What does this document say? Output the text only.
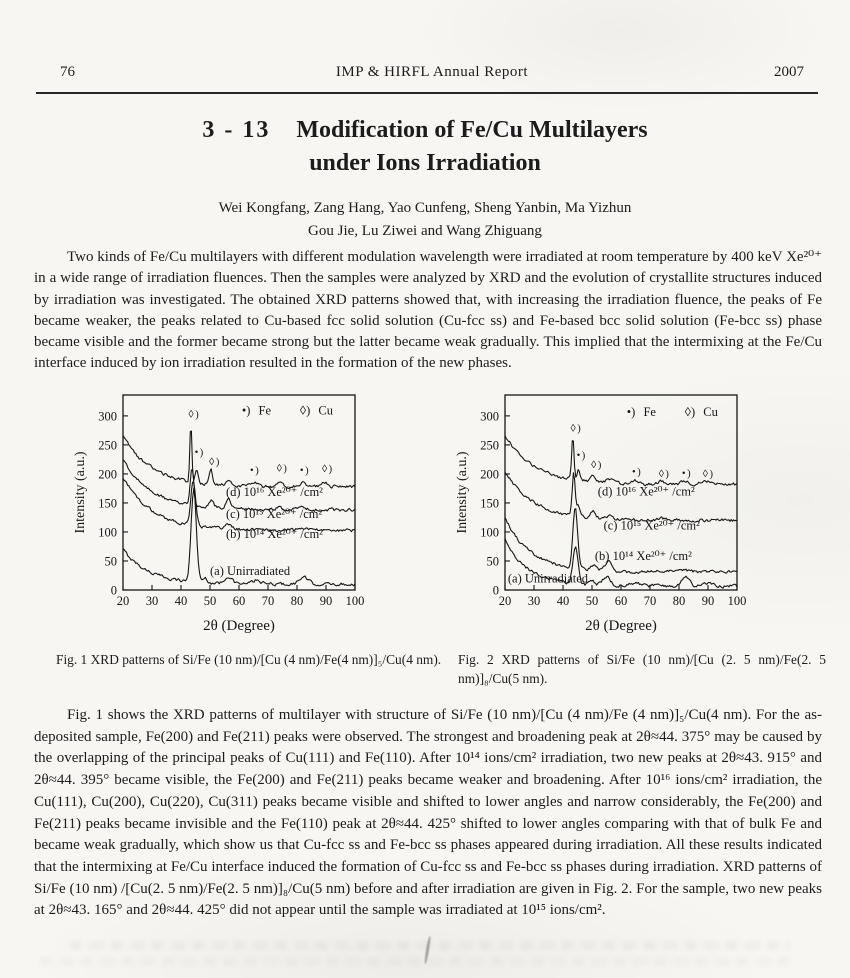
76	IMP & HIRFL Annual Report	2007
3 - 13 Modification of Fe/Cu Multilayers
under Ions Irradiation
Wei Kongfang, Zang Hang, Yao Cunfeng, Sheng Yanbin, Ma Yizhun
Gou Jie, Lu Ziwei and Wang Zhiguang
Two kinds of Fe/Cu multilayers with different modulation wavelength were irradiated at room temperature by 400 keV Xe²⁰⁺ in a wide range of irradiation fluences. Then the samples were analyzed by XRD and the evolution of crystallite structures induced by irradiation was investigated. The obtained XRD patterns showed that, with increasing the irradiation fluence, the peaks of Fe became weaker, the peaks related to Cu-based fcc solid solution (Cu-fcc ss) and Fe-based bcc solid solution (Fe-bcc ss) phase became visible and the former became strong but the latter became weak gradually. This implied that the intermixing at the Fe/Cu interface induced by ion irradiation resulted in the formation of the new phases.
(a) Unirradiated
(b) 10¹⁴ Xe²⁰⁺ /cm²
(c) 10¹⁵ Xe²⁰⁺ /cm²
(d) 10¹⁶ Xe²⁰⁺ /cm²
20 30 40 50 60 70 80 90 100
0
50
100
150
200
250
300
2θ (Degree)
Intensity (a.u.)
•) Fe ◊) Cu
◊)
•)
◊)
•) ◊) •) ◊)
(a) Unirradiated
(b) 10¹⁴ Xe²⁰⁺ /cm²
(c) 10¹⁵ Xe²⁰⁺ /cm²
(d) 10¹⁶ Xe²⁰⁺ /cm²
20 30 40 50 60 70 80 90 100
0
50
100
150
200
250
300
2θ (Degree)
Intensity (a.u.)
•) Fe ◊) Cu
◊)
•)
◊)
•) ◊) •) ◊)
Fig. 1 XRD patterns of Si/Fe (10 nm)/[Cu (4 nm)/Fe(4 nm)]₅/Cu(4 nm).	Fig. 2 XRD patterns of Si/Fe (10 nm)/[Cu (2. 5 nm)/Fe(2. 5 nm)]₈/Cu(5 nm).
Fig. 1 shows the XRD patterns of multilayer with structure of Si/Fe (10 nm)/[Cu (4 nm)/Fe (4 nm)]₅/Cu(4 nm). For the as-deposited sample, Fe(200) and Fe(211) peaks were observed. The strongest and broadening peak at 2θ≈44. 375° may be caused by the overlapping of the principal peaks of Cu(111) and Fe(110). After 10¹⁴ ions/cm² irradiation, two new peaks at 2θ≈43. 915° and 2θ≈44. 395° became visible, the Fe(200) and Fe(211) peaks became weaker and broadening. After 10¹⁶ ions/cm² irradiation, the Cu(111), Cu(200), Cu(220), Cu(311) peaks became visible and shifted to lower angles and narrow considerably, the Fe(200) and Fe(211) peaks became invisible and the Fe(110) peak at 2θ≈44. 425° shifted to lower angles comparing with that of bulk Fe and became weak gradually, which show us that Cu-fcc ss and Fe-bcc ss phases appeared during irradiation. All these results indicated that the intermixing at Fe/Cu interface induced the formation of Cu-fcc ss and Fe-bcc ss phases during irradiation. XRD patterns of Si/Fe (10 nm) /[Cu(2. 5 nm)/Fe(2. 5 nm)]₈/Cu(5 nm) before and after irradiation are given in Fig. 2. For the sample, two new peaks at 2θ≈43. 165° and 2θ≈44. 425° did not appear until the sample was irradiated at 10¹⁵ ions/cm².
